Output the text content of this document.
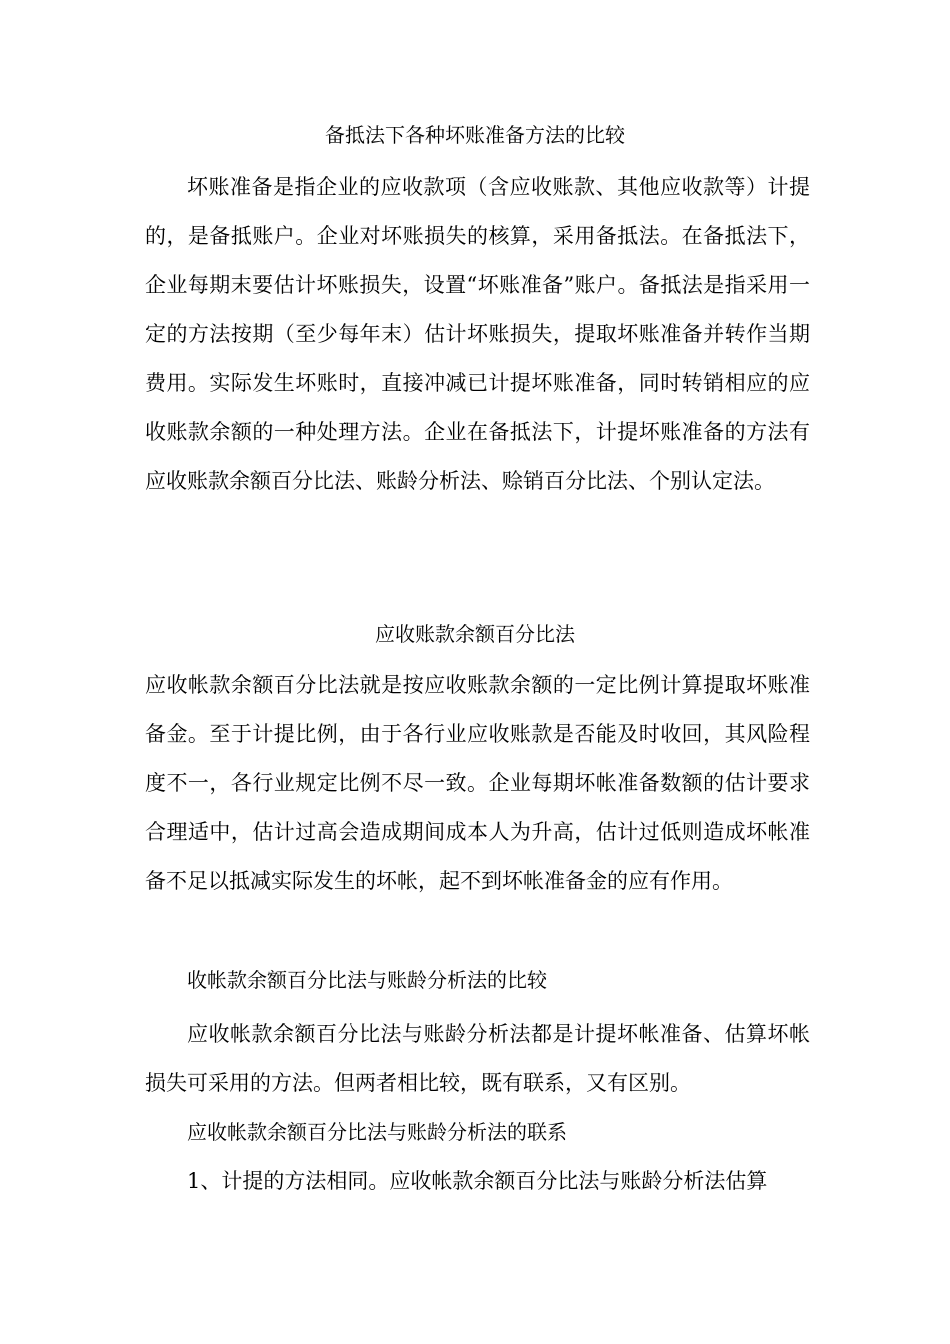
备抵法下各种坏账准备方法的比较
坏账准备是指企业的应收款项（含应收账款、其他应收款等）计提的，是备抵账户。企业对坏账损失的核算，采用备抵法。在备抵法下，企业每期末要估计坏账损失，设置“坏账准备”账户。备抵法是指采用一定的方法按期（至少每年末）估计坏账损失，提取坏账准备并转作当期费用。实际发生坏账时，直接冲减已计提坏账准备，同时转销相应的应收账款余额的一种处理方法。企业在备抵法下，计提坏账准备的方法有应收账款余额百分比法、账龄分析法、赊销百分比法、个别认定法。
应收账款余额百分比法
应收帐款余额百分比法就是按应收账款余额的一定比例计算提取坏账准备金。至于计提比例，由于各行业应收账款是否能及时收回，其风险程度不一，各行业规定比例不尽一致。企业每期坏帐准备数额的估计要求合理适中，估计过高会造成期间成本人为升高，估计过低则造成坏帐准备不足以抵减实际发生的坏帐，起不到坏帐准备金的应有作用。
收帐款余额百分比法与账龄分析法的比较
应收帐款余额百分比法与账龄分析法都是计提坏帐准备、估算坏帐损失可采用的方法。但两者相比较，既有联系，又有区别。
应收帐款余额百分比法与账龄分析法的联系
1、计提的方法相同。应收帐款余额百分比法与账龄分析法估算
